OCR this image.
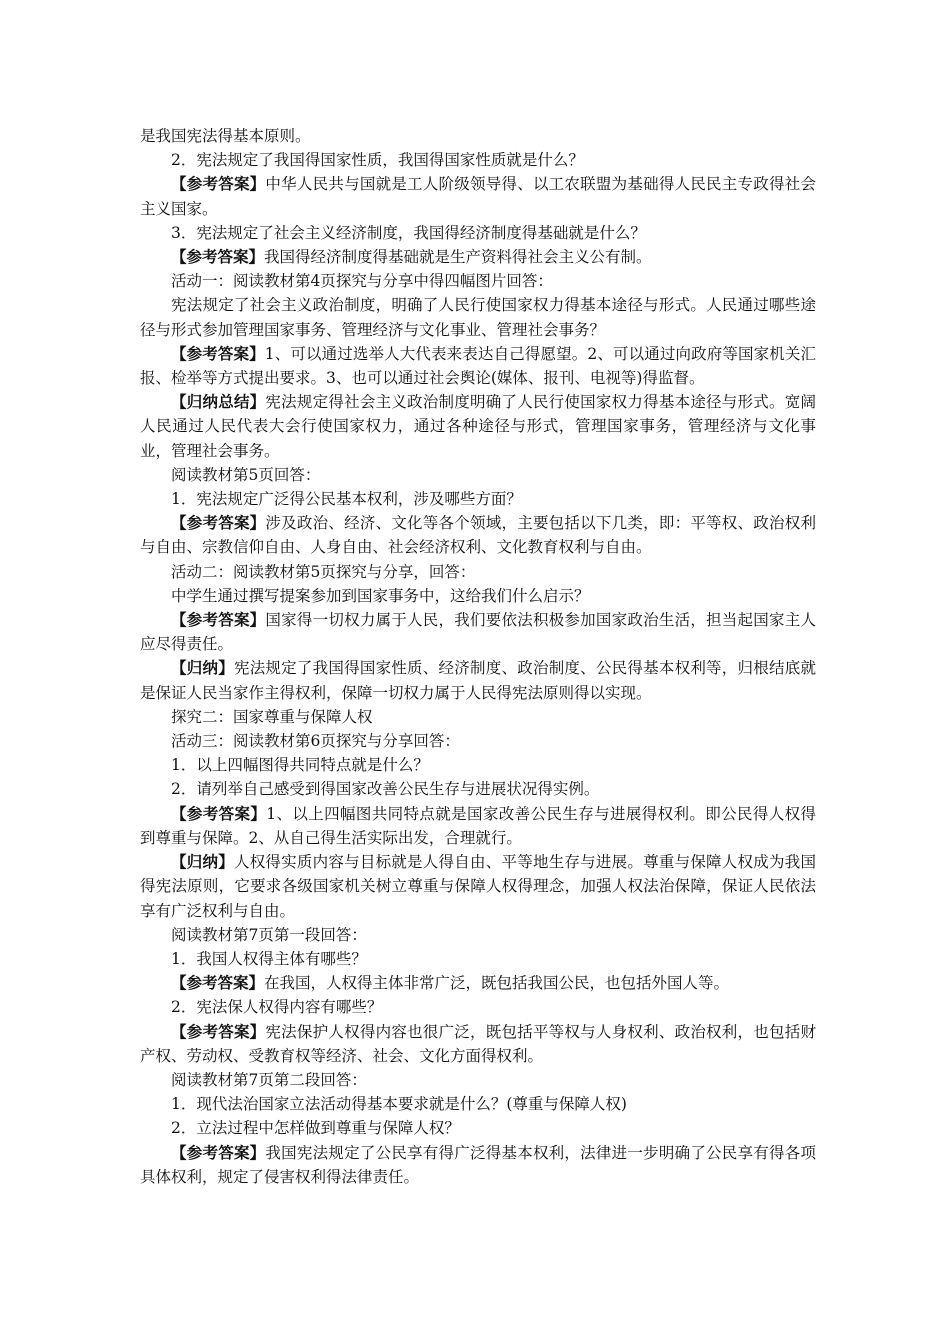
是我国宪法得基本原则。

2．宪法规定了我国得国家性质，我国得国家性质就是什么？

【参考答案】中华人民共与国就是工人阶级领导得、以工农联盟为基础得人民民主专政得社会主义国家。

3．宪法规定了社会主义经济制度，我国得经济制度得基础就是什么？

【参考答案】我国得经济制度得基础就是生产资料得社会主义公有制。

活动一：阅读教材第4页探究与分享中得四幅图片回答：

宪法规定了社会主义政治制度，明确了人民行使国家权力得基本途径与形式。人民通过哪些途径与形式参加管理国家事务、管理经济与文化事业、管理社会事务？

【参考答案】1、可以通过选举人大代表来表达自己得愿望。2、可以通过向政府等国家机关汇报、检举等方式提出要求。3、也可以通过社会舆论(媒体、报刊、电视等)得监督。

【归纳总结】宪法规定得社会主义政治制度明确了人民行使国家权力得基本途径与形式。宽阔人民通过人民代表大会行使国家权力，通过各种途径与形式，管理国家事务，管理经济与文化事业，管理社会事务。

阅读教材第5页回答：

1．宪法规定广泛得公民基本权利，涉及哪些方面？

【参考答案】涉及政治、经济、文化等各个领域，主要包括以下几类，即：平等权、政治权利与自由、宗教信仰自由、人身自由、社会经济权利、文化教育权利与自由。

活动二：阅读教材第5页探究与分享，回答：

中学生通过撰写提案参加到国家事务中，这给我们什么启示？

【参考答案】国家得一切权力属于人民，我们要依法积极参加国家政治生活，担当起国家主人应尽得责任。

【归纳】宪法规定了我国得国家性质、经济制度、政治制度、公民得基本权利等，归根结底就是保证人民当家作主得权利，保障一切权力属于人民得宪法原则得以实现。

探究二：国家尊重与保障人权

活动三：阅读教材第6页探究与分享回答：

1．以上四幅图得共同特点就是什么？

2．请列举自己感受到得国家改善公民生存与进展状况得实例。

【参考答案】1、以上四幅图共同特点就是国家改善公民生存与进展得权利。即公民得人权得到尊重与保障。2、从自己得生活实际出发，合理就行。

【归纳】人权得实质内容与目标就是人得自由、平等地生存与进展。尊重与保障人权成为我国得宪法原则，它要求各级国家机关树立尊重与保障人权得理念，加强人权法治保障，保证人民依法享有广泛权利与自由。

阅读教材第7页第一段回答：

1．我国人权得主体有哪些？

【参考答案】在我国，人权得主体非常广泛，既包括我国公民，也包括外国人等。

2．宪法保人权得内容有哪些？

【参考答案】宪法保护人权得内容也很广泛，既包括平等权与人身权利、政治权利，也包括财产权、劳动权、受教育权等经济、社会、文化方面得权利。

阅读教材第7页第二段回答：

1．现代法治国家立法活动得基本要求就是什么？(尊重与保障人权)

2．立法过程中怎样做到尊重与保障人权？

【参考答案】我国宪法规定了公民享有得广泛得基本权利，法律进一步明确了公民享有得各项具体权利，规定了侵害权利得法律责任。
